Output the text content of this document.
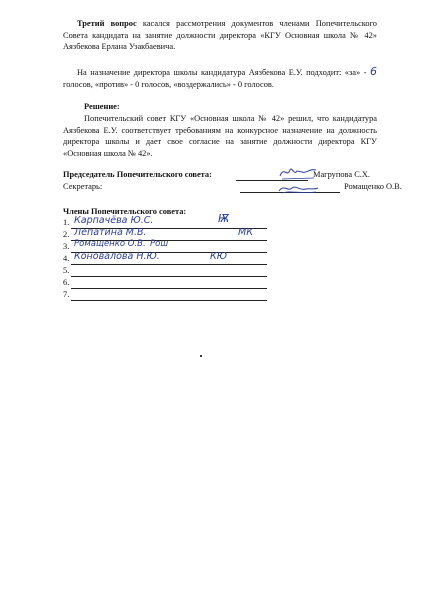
Третий вопрос касался рассмотрения документов членами Попечительского Совета кандидата на занятие должности директора «КГУ Основная школа № 42» Аязбекова Ерлана Узакбаевича.

На назначение директора школы кандидатура Аязбекова Е.У. подходит: «за» - 6 голосов, «против» - 0 голосов, «воздержались» - 0 голосов.

Решение:

Попечительский совет КГУ «Основная школа № 42» решил, что кандидатура Аязбекова Е.У. соответствует требованиям на конкурсное назначение на должность директора школы и дает свое согласие на занятие должности директора КГУ «Основная школа № 42».

Председатель Попечительского совета:	Магрупова С.Х.
Секретарь:	Ромащенко О.В.
Члены Попечительского совета:
1. Карпачёва Ю.С.	Ѭ
2. Лепатина М.В.	МК
3. Ромащенко О.В. Рош
4. Коновалова Н.Ю.	КЮ
5.
6.
7.
